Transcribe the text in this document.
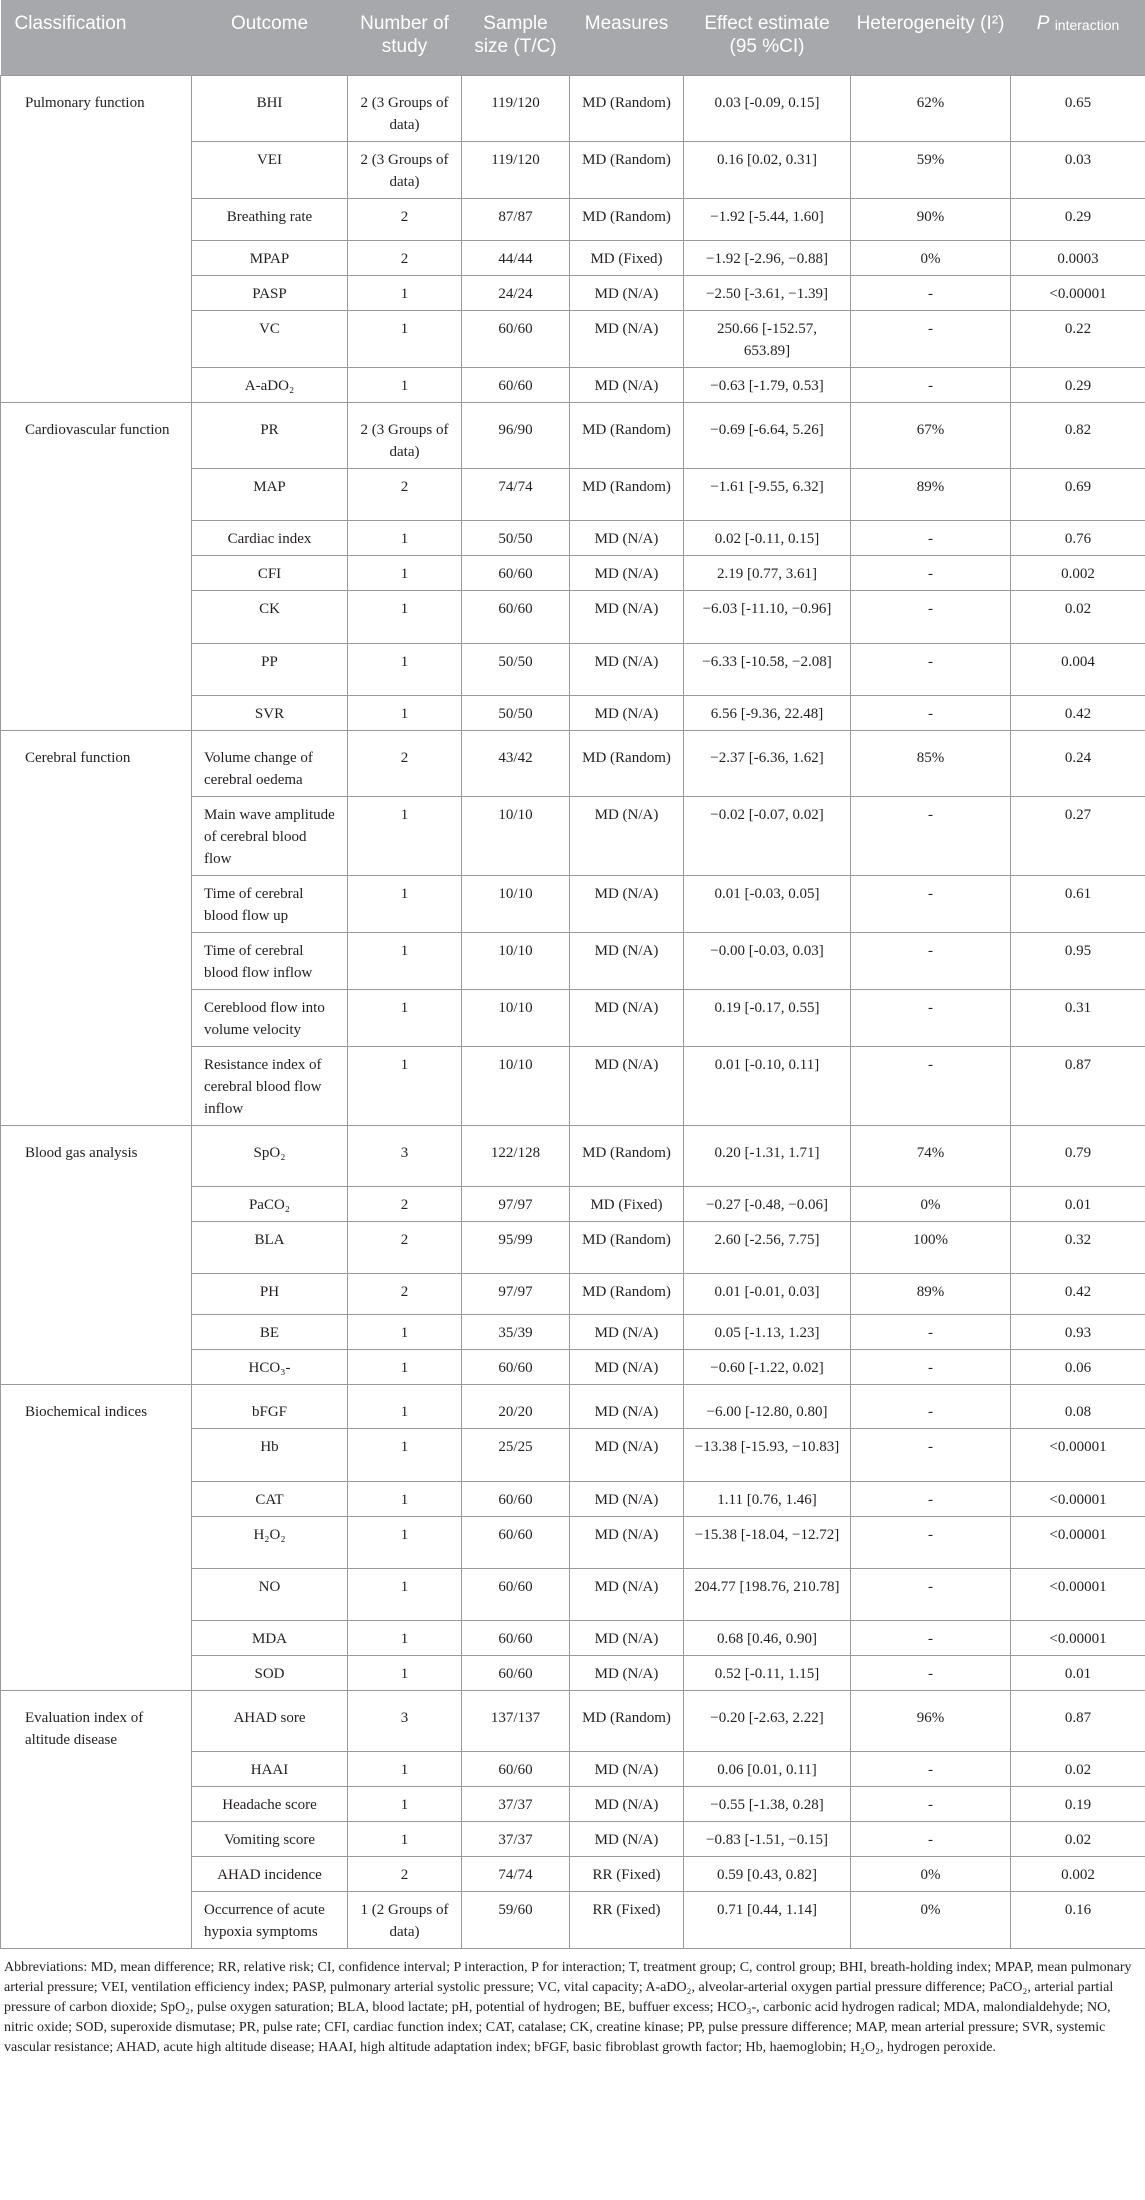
Classification	Outcome	Number of study	Sample size (T/C)	Measures	Effect estimate (95 %CI)	Heterogeneity (I²)	P $_{interaction}$
Pulmonary function	BHI	2 (3 Groups of data)	119/120	MD (Random)	0.03 [-0.09, 0.15]	62%	0.65
	VEI	2 (3 Groups of data)	119/120	MD (Random)	0.16 [0.02, 0.31]	59%	0.03
	Breathing rate	2	87/87	MD (Random)	−1.92 [-5.44, 1.60]	90%	0.29
	MPAP	2	44/44	MD (Fixed)	−1.92 [-2.96, −0.88]	0%	0.0003
	PASP	1	24/24	MD (N/A)	−2.50 [-3.61, −1.39]	-	<0.00001
	VC	1	60/60	MD (N/A)	250.66 [-152.57, 653.89]	-	0.22
	A-aDO₂	1	60/60	MD (N/A)	−0.63 [-1.79, 0.53]	-	0.29
Cardiovascular function	PR	2 (3 Groups of data)	96/90	MD (Random)	−0.69 [-6.64, 5.26]	67%	0.82
	MAP	2	74/74	MD (Random)	−1.61 [-9.55, 6.32]	89%	0.69
	Cardiac index	1	50/50	MD (N/A)	0.02 [-0.11, 0.15]	-	0.76
	CFI	1	60/60	MD (N/A)	2.19 [0.77, 3.61]	-	0.002
	CK	1	60/60	MD (N/A)	−6.03 [-11.10, −0.96]	-	0.02
	PP	1	50/50	MD (N/A)	−6.33 [-10.58, −2.08]	-	0.004
	SVR	1	50/50	MD (N/A)	6.56 [-9.36, 22.48]	-	0.42
Cerebral function	Volume change of cerebral oedema	2	43/42	MD (Random)	−2.37 [-6.36, 1.62]	85%	0.24
	Main wave amplitude of cerebral blood flow	1	10/10	MD (N/A)	−0.02 [-0.07, 0.02]	-	0.27
	Time of cerebral blood flow up	1	10/10	MD (N/A)	0.01 [-0.03, 0.05]	-	0.61
	Time of cerebral blood flow inflow	1	10/10	MD (N/A)	−0.00 [-0.03, 0.03]	-	0.95
	Cereblood flow into volume velocity	1	10/10	MD (N/A)	0.19 [-0.17, 0.55]	-	0.31
	Resistance index of cerebral blood flow inflow	1	10/10	MD (N/A)	0.01 [-0.10, 0.11]	-	0.87
Blood gas analysis	SpO₂	3	122/128	MD (Random)	0.20 [-1.31, 1.71]	74%	0.79
	PaCO₂	2	97/97	MD (Fixed)	−0.27 [-0.48, −0.06]	0%	0.01
	BLA	2	95/99	MD (Random)	2.60 [-2.56, 7.75]	100%	0.32
	PH	2	97/97	MD (Random)	0.01 [-0.01, 0.03]	89%	0.42
	BE	1	35/39	MD (N/A)	0.05 [-1.13, 1.23]	-	0.93
	HCO₃-	1	60/60	MD (N/A)	−0.60 [-1.22, 0.02]	-	0.06
Biochemical indices	bFGF	1	20/20	MD (N/A)	−6.00 [-12.80, 0.80]	-	0.08
	Hb	1	25/25	MD (N/A)	−13.38 [-15.93, −10.83]	-	<0.00001
	CAT	1	60/60	MD (N/A)	1.11 [0.76, 1.46]	-	<0.00001
	H₂O₂	1	60/60	MD (N/A)	−15.38 [-18.04, −12.72]	-	<0.00001
	NO	1	60/60	MD (N/A)	204.77 [198.76, 210.78]	-	<0.00001
	MDA	1	60/60	MD (N/A)	0.68 [0.46, 0.90]	-	<0.00001
	SOD	1	60/60	MD (N/A)	0.52 [-0.11, 1.15]	-	0.01
Evaluation index of altitude disease	AHAD sore	3	137/137	MD (Random)	−0.20 [-2.63, 2.22]	96%	0.87
	HAAI	1	60/60	MD (N/A)	0.06 [0.01, 0.11]	-	0.02
	Headache score	1	37/37	MD (N/A)	−0.55 [-1.38, 0.28]	-	0.19
	Vomiting score	1	37/37	MD (N/A)	−0.83 [-1.51, −0.15]	-	0.02
	AHAD incidence	2	74/74	RR (Fixed)	0.59 [0.43, 0.82]	0%	0.002
	Occurrence of acute hypoxia symptoms	1 (2 Groups of data)	59/60	RR (Fixed)	0.71 [0.44, 1.14]	0%	0.16
Abbreviations: MD, mean difference; RR, relative risk; CI, confidence interval; P interaction, P for interaction; T, treatment group; C, control group; BHI, breath-holding index; MPAP, mean pulmonary arterial pressure; VEI, ventilation efficiency index; PASP, pulmonary arterial systolic pressure; VC, vital capacity; A-aDO₂, alveolar-arterial oxygen partial pressure difference; PaCO₂, arterial partial pressure of carbon dioxide; SpO₂, pulse oxygen saturation; BLA, blood lactate; pH, potential of hydrogen; BE, buffuer excess; HCO₃-, carbonic acid hydrogen radical; MDA, malondialdehyde; NO, nitric oxide; SOD, superoxide dismutase; PR, pulse rate; CFI, cardiac function index; CAT, catalase; CK, creatine kinase; PP, pulse pressure difference; MAP, mean arterial pressure; SVR, systemic vascular resistance; AHAD, acute high altitude disease; HAAI, high altitude adaptation index; bFGF, basic fibroblast growth factor; Hb, haemoglobin; H₂O₂, hydrogen peroxide.
